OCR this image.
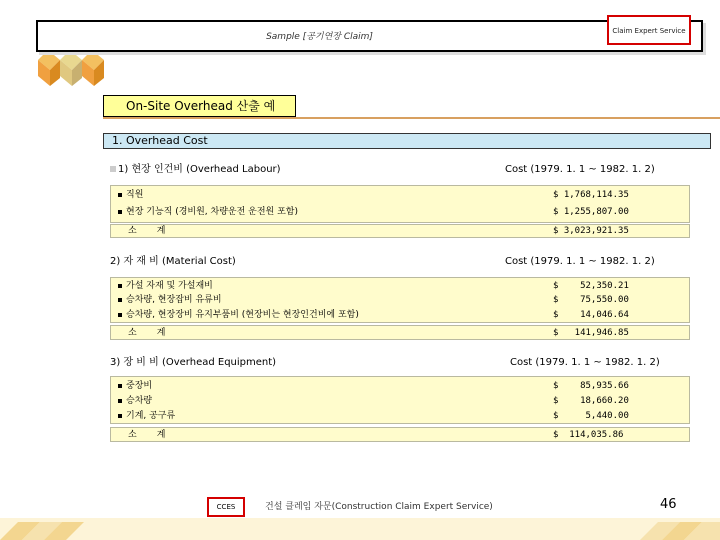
Sample [공기연장 Claim]
Claim Expert Service
On-Site Overhead 산출 예
1. Overhead Cost
1) 현장 인건비 (Overhead Labour)	Cost (1979. 1. 1 ~ 1982. 1. 2)
직원	$ 1,768,114.35
현장 기능직 (경비원, 차량운전 운전원 포함)	$ 1,255,807.00
소계	$ 3,023,921.35
2) 자 재 비 (Material Cost)	Cost (1979. 1. 1 ~ 1982. 1. 2)
가설 자재 및 가설재비	$    52,350.21
승차량, 현장잡비 유류비	$    75,550.00
승차량, 현장장비 유지부품비 (현장비는 현장인건비에 포함)	$    14,046.64
소계	$   141,946.85
3) 장 비 비 (Overhead Equipment)	Cost (1979. 1. 1 ~ 1982. 1. 2)
중장비	$    85,935.66
승차량	$    18,660.20
기계, 공구류	$     5,440.00
소계	$  114,035.86
CCES	건설 클레임 자문(Construction Claim Expert Service)	46
